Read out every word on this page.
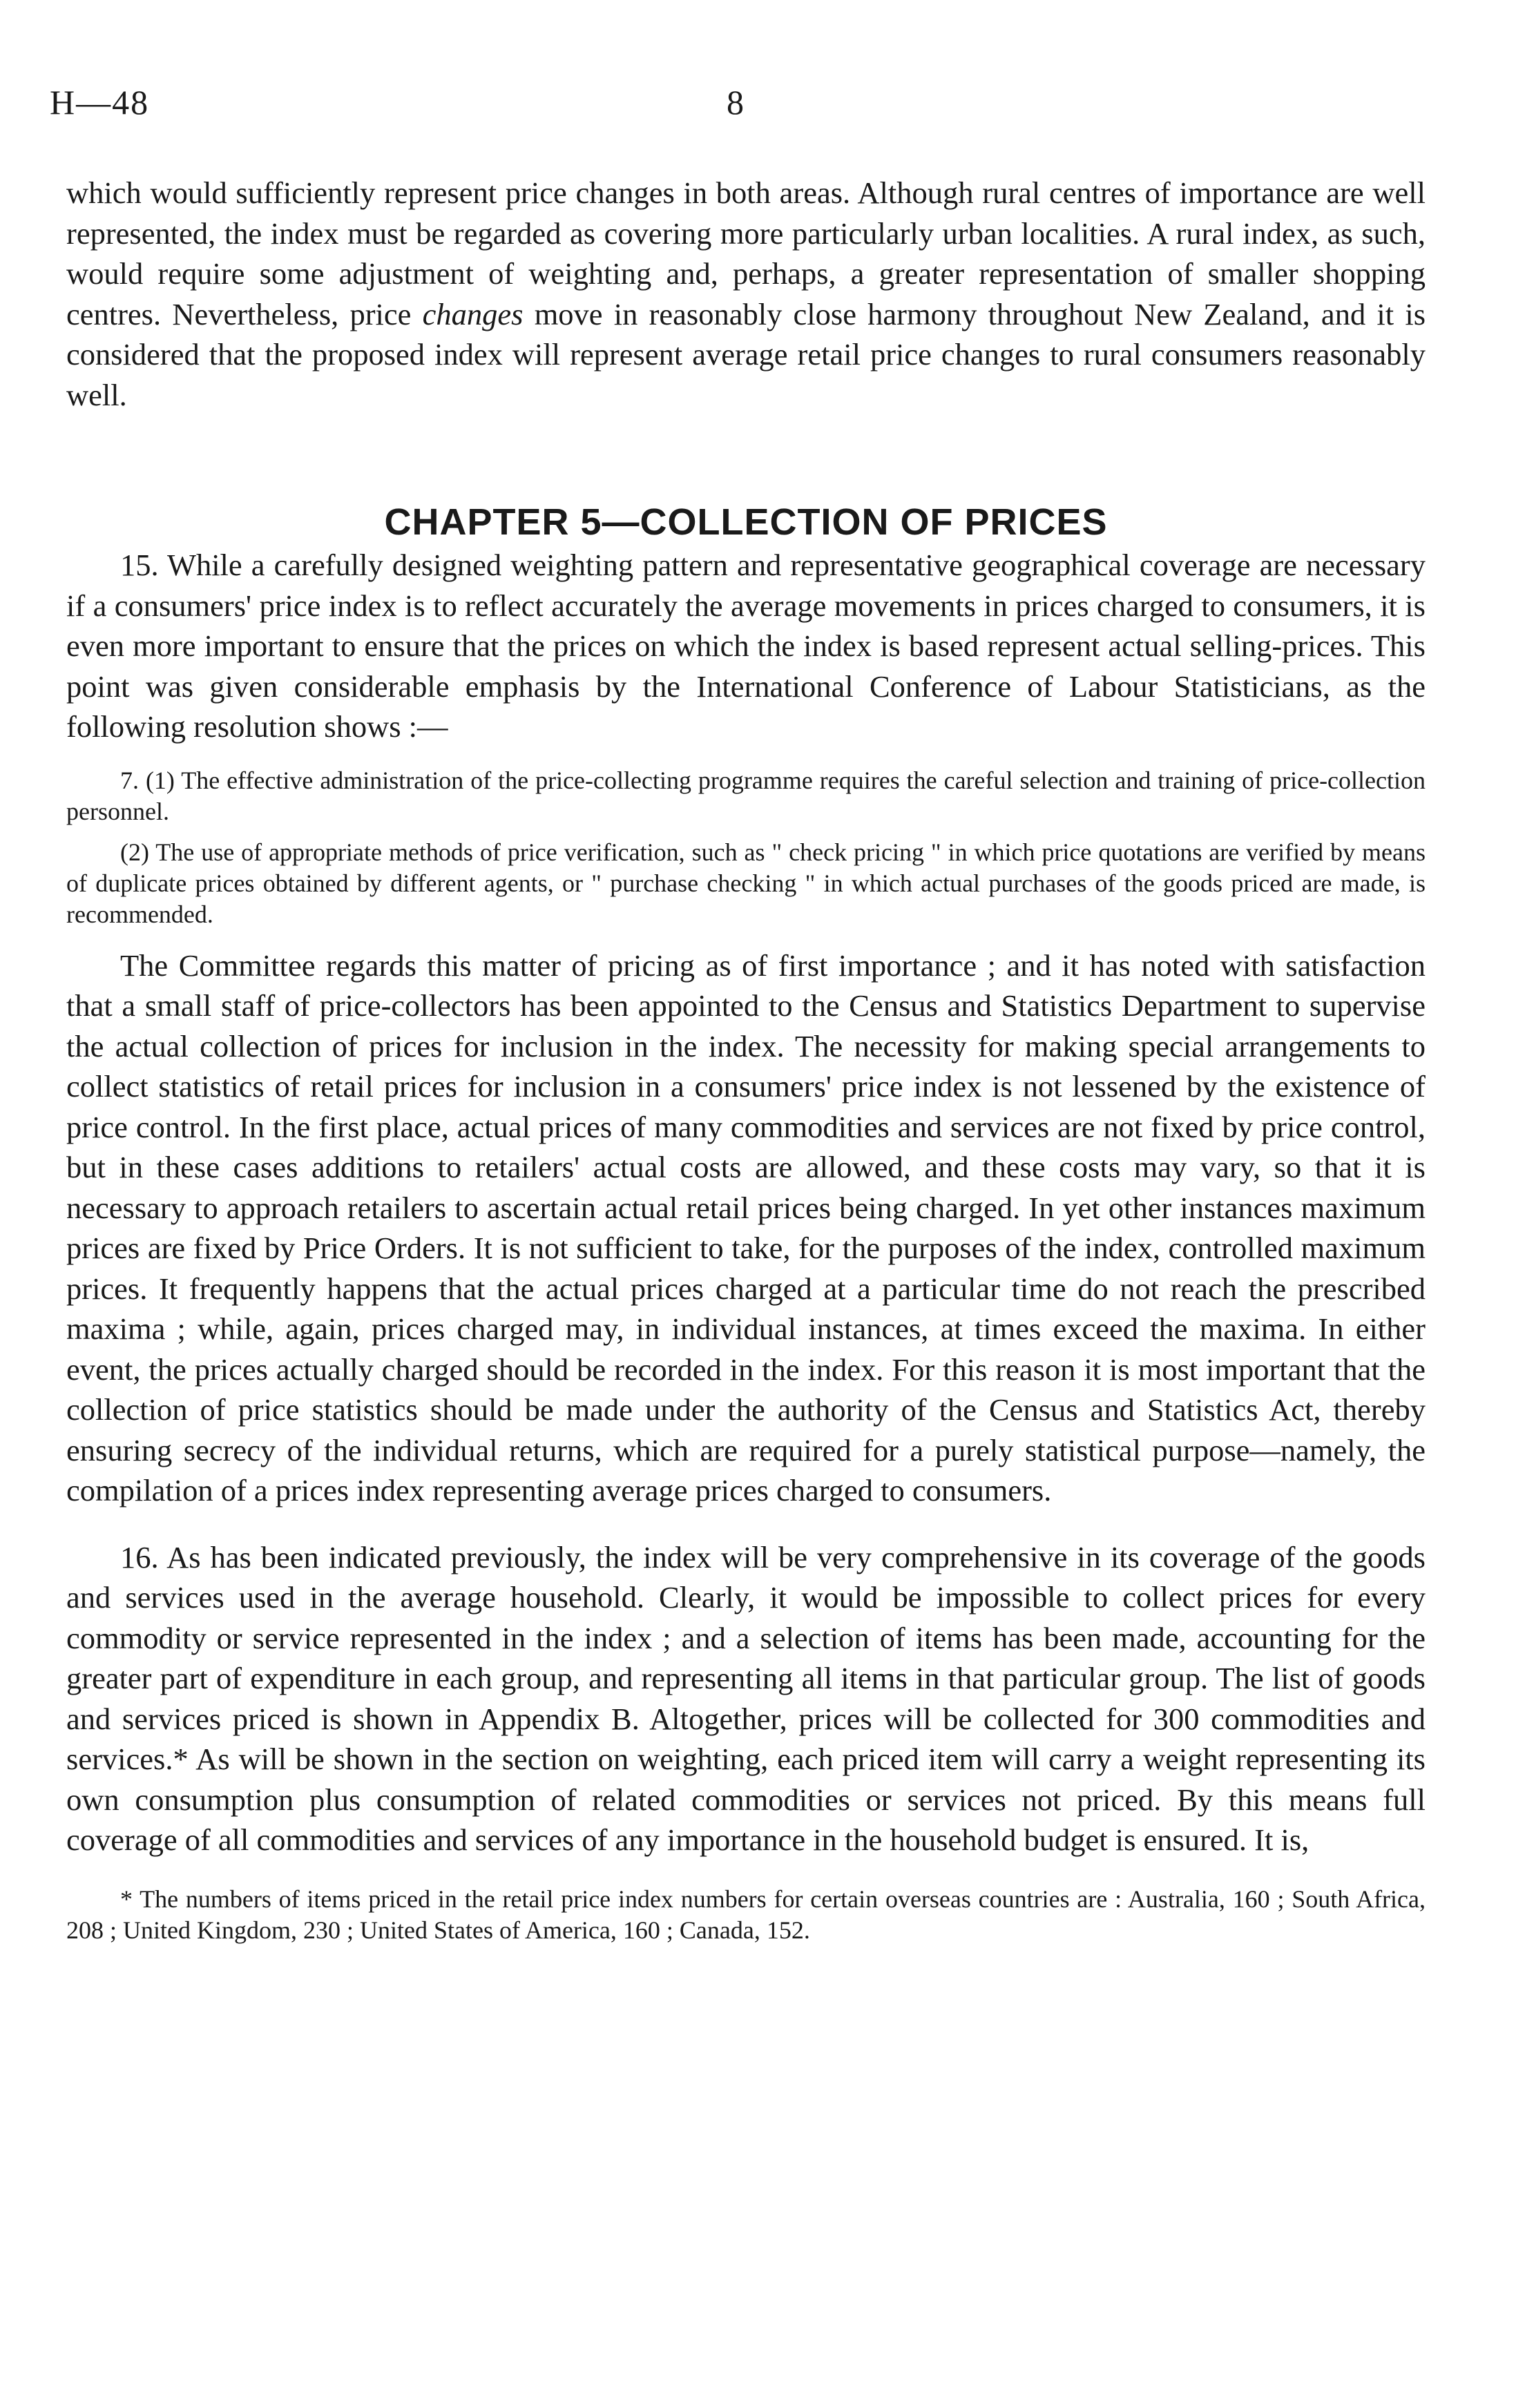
H—48	8

which would sufficiently represent price changes in both areas. Although rural centres of importance are well represented, the index must be regarded as covering more particularly urban localities. A rural index, as such, would require some adjustment of weighting and, perhaps, a greater representation of smaller shopping centres. Nevertheless, price changes move in reasonably close harmony throughout New Zealand, and it is considered that the proposed index will represent average retail price changes to rural consumers reasonably well.

CHAPTER 5—COLLECTION OF PRICES

15. While a carefully designed weighting pattern and representative geographical coverage are necessary if a consumers' price index is to reflect accurately the average movements in prices charged to consumers, it is even more important to ensure that the prices on which the index is based represent actual selling-prices. This point was given considerable emphasis by the International Conference of Labour Statisticians, as the following resolution shows :—

7. (1) The effective administration of the price-collecting programme requires the careful selection and training of price-collection personnel.

(2) The use of appropriate methods of price verification, such as " check pricing " in which price quotations are verified by means of duplicate prices obtained by different agents, or " purchase checking " in which actual purchases of the goods priced are made, is recommended.

The Committee regards this matter of pricing as of first importance ; and it has noted with satisfaction that a small staff of price-collectors has been appointed to the Census and Statistics Department to supervise the actual collection of prices for inclusion in the index. The necessity for making special arrangements to collect statistics of retail prices for inclusion in a consumers' price index is not lessened by the existence of price control. In the first place, actual prices of many commodities and services are not fixed by price control, but in these cases additions to retailers' actual costs are allowed, and these costs may vary, so that it is necessary to approach retailers to ascertain actual retail prices being charged. In yet other instances maximum prices are fixed by Price Orders. It is not sufficient to take, for the purposes of the index, controlled maximum prices. It frequently happens that the actual prices charged at a particular time do not reach the prescribed maxima ; while, again, prices charged may, in individual instances, at times exceed the maxima. In either event, the prices actually charged should be recorded in the index. For this reason it is most important that the collection of price statistics should be made under the authority of the Census and Statistics Act, thereby ensuring secrecy of the individual returns, which are required for a purely statistical purpose—namely, the compilation of a prices index representing average prices charged to consumers.

16. As has been indicated previously, the index will be very comprehensive in its coverage of the goods and services used in the average household. Clearly, it would be impossible to collect prices for every commodity or service represented in the index ; and a selection of items has been made, accounting for the greater part of expenditure in each group, and representing all items in that particular group. The list of goods and services priced is shown in Appendix B. Altogether, prices will be collected for 300 commodities and services.* As will be shown in the section on weighting, each priced item will carry a weight representing its own consumption plus consumption of related commodities or services not priced. By this means full coverage of all commodities and services of any importance in the household budget is ensured. It is,

* The numbers of items priced in the retail price index numbers for certain overseas countries are : Australia, 160 ; South Africa, 208 ; United Kingdom, 230 ; United States of America, 160 ; Canada, 152.
